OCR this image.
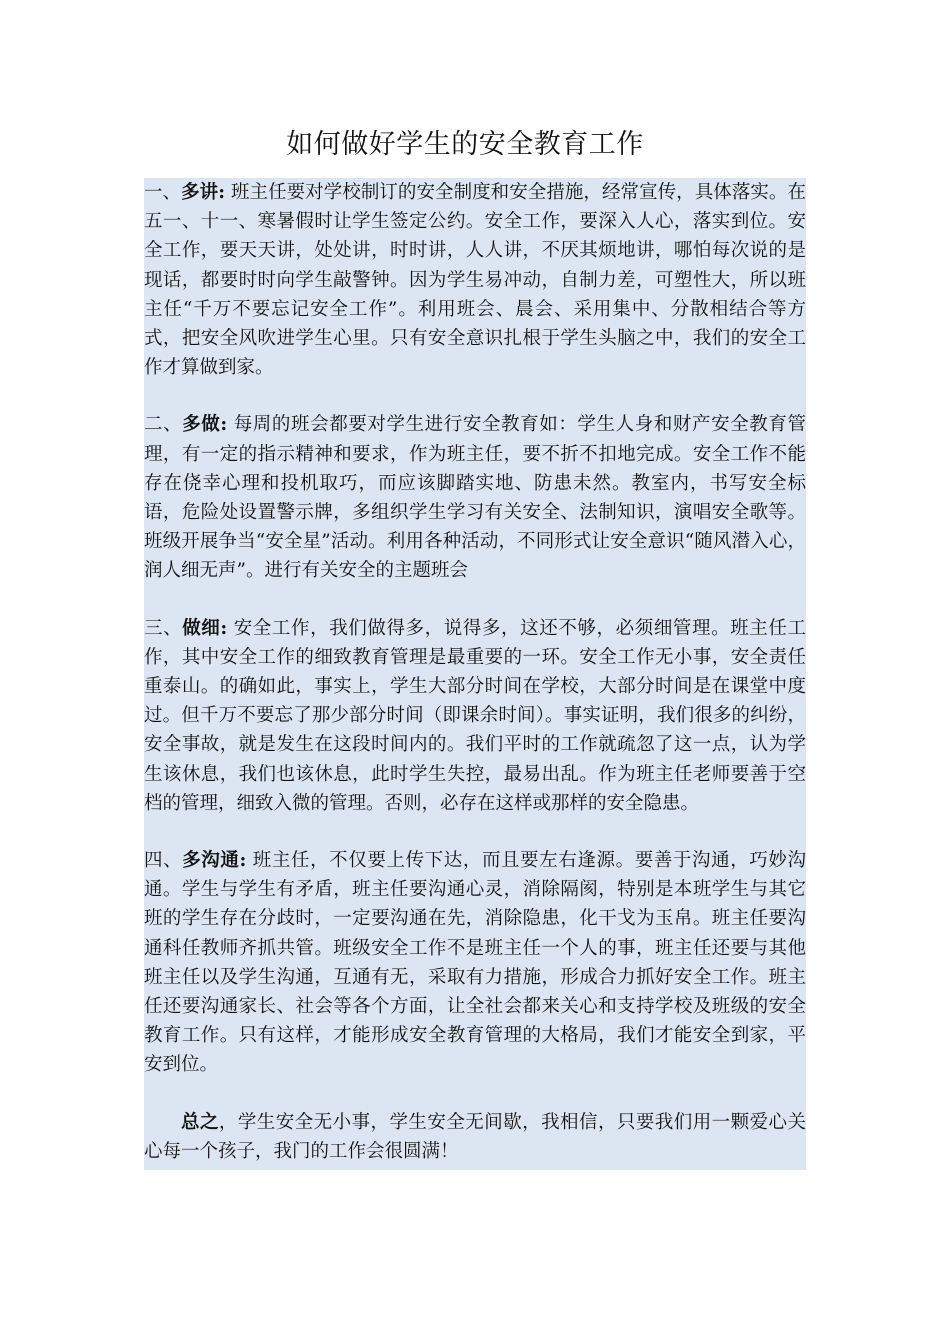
如何做好学生的安全教育工作

一、多讲: 班主任要对学校制订的安全制度和安全措施，经常宣传，具体落实。在五一、十一、寒暑假时让学生签定公约。安全工作，要深入人心，落实到位。安全工作，要天天讲，处处讲，时时讲，人人讲，不厌其烦地讲，哪怕每次说的是现话，都要时时向学生敲警钟。因为学生易冲动，自制力差，可塑性大，所以班主任“千万不要忘记安全工作”。利用班会、晨会、采用集中、分散相结合等方式，把安全风吹进学生心里。只有安全意识扎根于学生头脑之中，我们的安全工作才算做到家。

二、多做: 每周的班会都要对学生进行安全教育如：学生人身和财产安全教育管理，有一定的指示精神和要求，作为班主任，要不折不扣地完成。安全工作不能存在侥幸心理和投机取巧，而应该脚踏实地、防患未然。教室内，书写安全标语，危险处设置警示牌，多组织学生学习有关安全、法制知识，演唱安全歌等。班级开展争当“安全星”活动。利用各种活动，不同形式让安全意识“随风潜入心，润人细无声”。进行有关安全的主题班会

三、做细: 安全工作，我们做得多，说得多，这还不够，必须细管理。班主任工作，其中安全工作的细致教育管理是最重要的一环。安全工作无小事，安全责任重泰山。的确如此，事实上，学生大部分时间在学校，大部分时间是在课堂中度过。但千万不要忘了那少部分时间（即课余时间）。事实证明，我们很多的纠纷，安全事故，就是发生在这段时间内的。我们平时的工作就疏忽了这一点，认为学生该休息，我们也该休息，此时学生失控，最易出乱。作为班主任老师要善于空档的管理，细致入微的管理。否则，必存在这样或那样的安全隐患。

四、多沟通: 班主任，不仅要上传下达，而且要左右逢源。要善于沟通，巧妙沟通。学生与学生有矛盾，班主任要沟通心灵，消除隔阂，特别是本班学生与其它班的学生存在分歧时，一定要沟通在先，消除隐患，化干戈为玉帛。班主任要沟通科任教师齐抓共管。班级安全工作不是班主任一个人的事，班主任还要与其他班主任以及学生沟通，互通有无，采取有力措施，形成合力抓好安全工作。班主任还要沟通家长、社会等各个方面，让全社会都来关心和支持学校及班级的安全教育工作。只有这样，才能形成安全教育管理的大格局，我们才能安全到家，平安到位。

总之，学生安全无小事，学生安全无间歇，我相信，只要我们用一颗爱心关心每一个孩子，我门的工作会很圆满！
